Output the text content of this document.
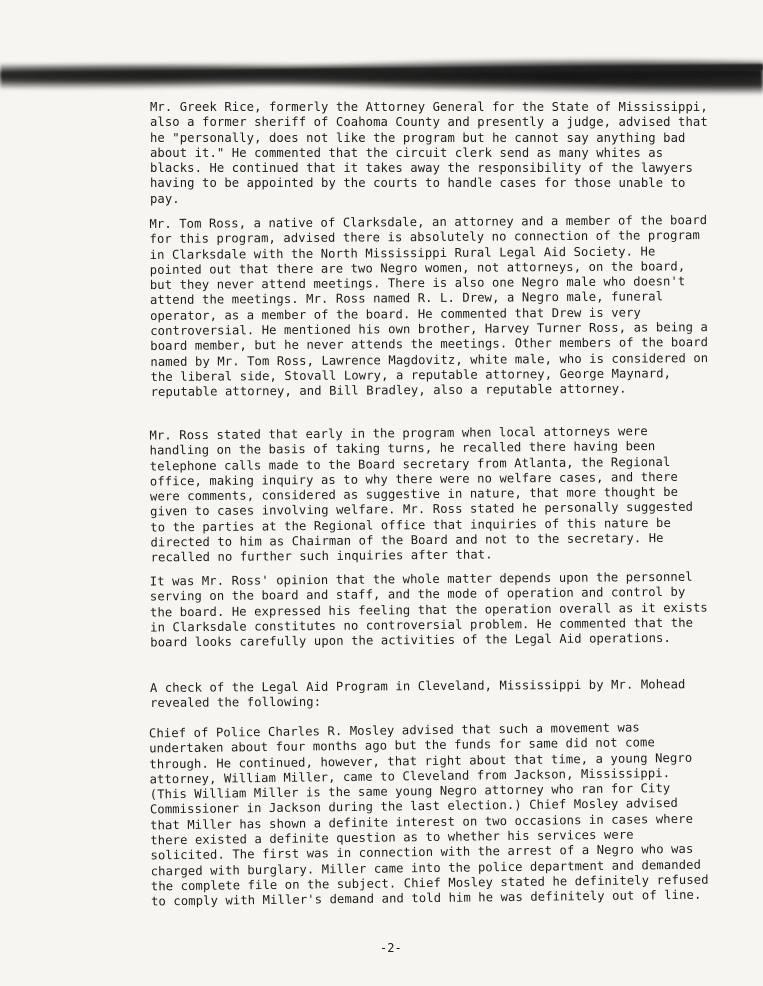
Mr. Greek Rice, formerly the Attorney General for the State of Mississippi, also a former sheriff of Coahoma County and presently a judge, advised that he "personally, does not like the program but he cannot say anything bad about it." He commented that the circuit clerk send as many whites as blacks. He continued that it takes away the responsibility of the lawyers having to be appointed by the courts to handle cases for those unable to pay.

Mr. Tom Ross, a native of Clarksdale, an attorney and a member of the board for this program, advised there is absolutely no connection of the program in Clarksdale with the North Mississippi Rural Legal Aid Society. He pointed out that there are two Negro women, not attorneys, on the board, but they never attend meetings. There is also one Negro male who doesn't attend the meetings. Mr. Ross named R. L. Drew, a Negro male, funeral operator, as a member of the board. He commented that Drew is very controversial. He mentioned his own brother, Harvey Turner Ross, as being a board member, but he never attends the meetings. Other members of the board named by Mr. Tom Ross, Lawrence Magdovitz, white male, who is considered on the liberal side, Stovall Lowry, a reputable attorney, George Maynard, reputable attorney, and Bill Bradley, also a reputable attorney.

Mr. Ross stated that early in the program when local attorneys were handling on the basis of taking turns, he recalled there having been telephone calls made to the Board secretary from Atlanta, the Regional office, making inquiry as to why there were no welfare cases, and there were comments, considered as suggestive in nature, that more thought be given to cases involving welfare. Mr. Ross stated he personally suggested to the parties at the Regional office that inquiries of this nature be directed to him as Chairman of the Board and not to the secretary. He recalled no further such inquiries after that.

It was Mr. Ross' opinion that the whole matter depends upon the personnel serving on the board and staff, and the mode of operation and control by the board. He expressed his feeling that the operation overall as it exists in Clarksdale constitutes no controversial problem. He commented that the board looks carefully upon the activities of the Legal Aid operations.

A check of the Legal Aid Program in Cleveland, Mississippi by Mr. Mohead revealed the following:

Chief of Police Charles R. Mosley advised that such a movement was undertaken about four months ago but the funds for same did not come through. He continued, however, that right about that time, a young Negro attorney, William Miller, came to Cleveland from Jackson, Mississippi. (This William Miller is the same young Negro attorney who ran for City Commissioner in Jackson during the last election.) Chief Mosley advised that Miller has shown a definite interest on two occasions in cases where there existed a definite question as to whether his services were solicited. The first was in connection with the arrest of a Negro who was charged with burglary. Miller came into the police department and demanded the complete file on the subject. Chief Mosley stated he definitely refused to comply with Miller's demand and told him he was definitely out of line.

-2-
